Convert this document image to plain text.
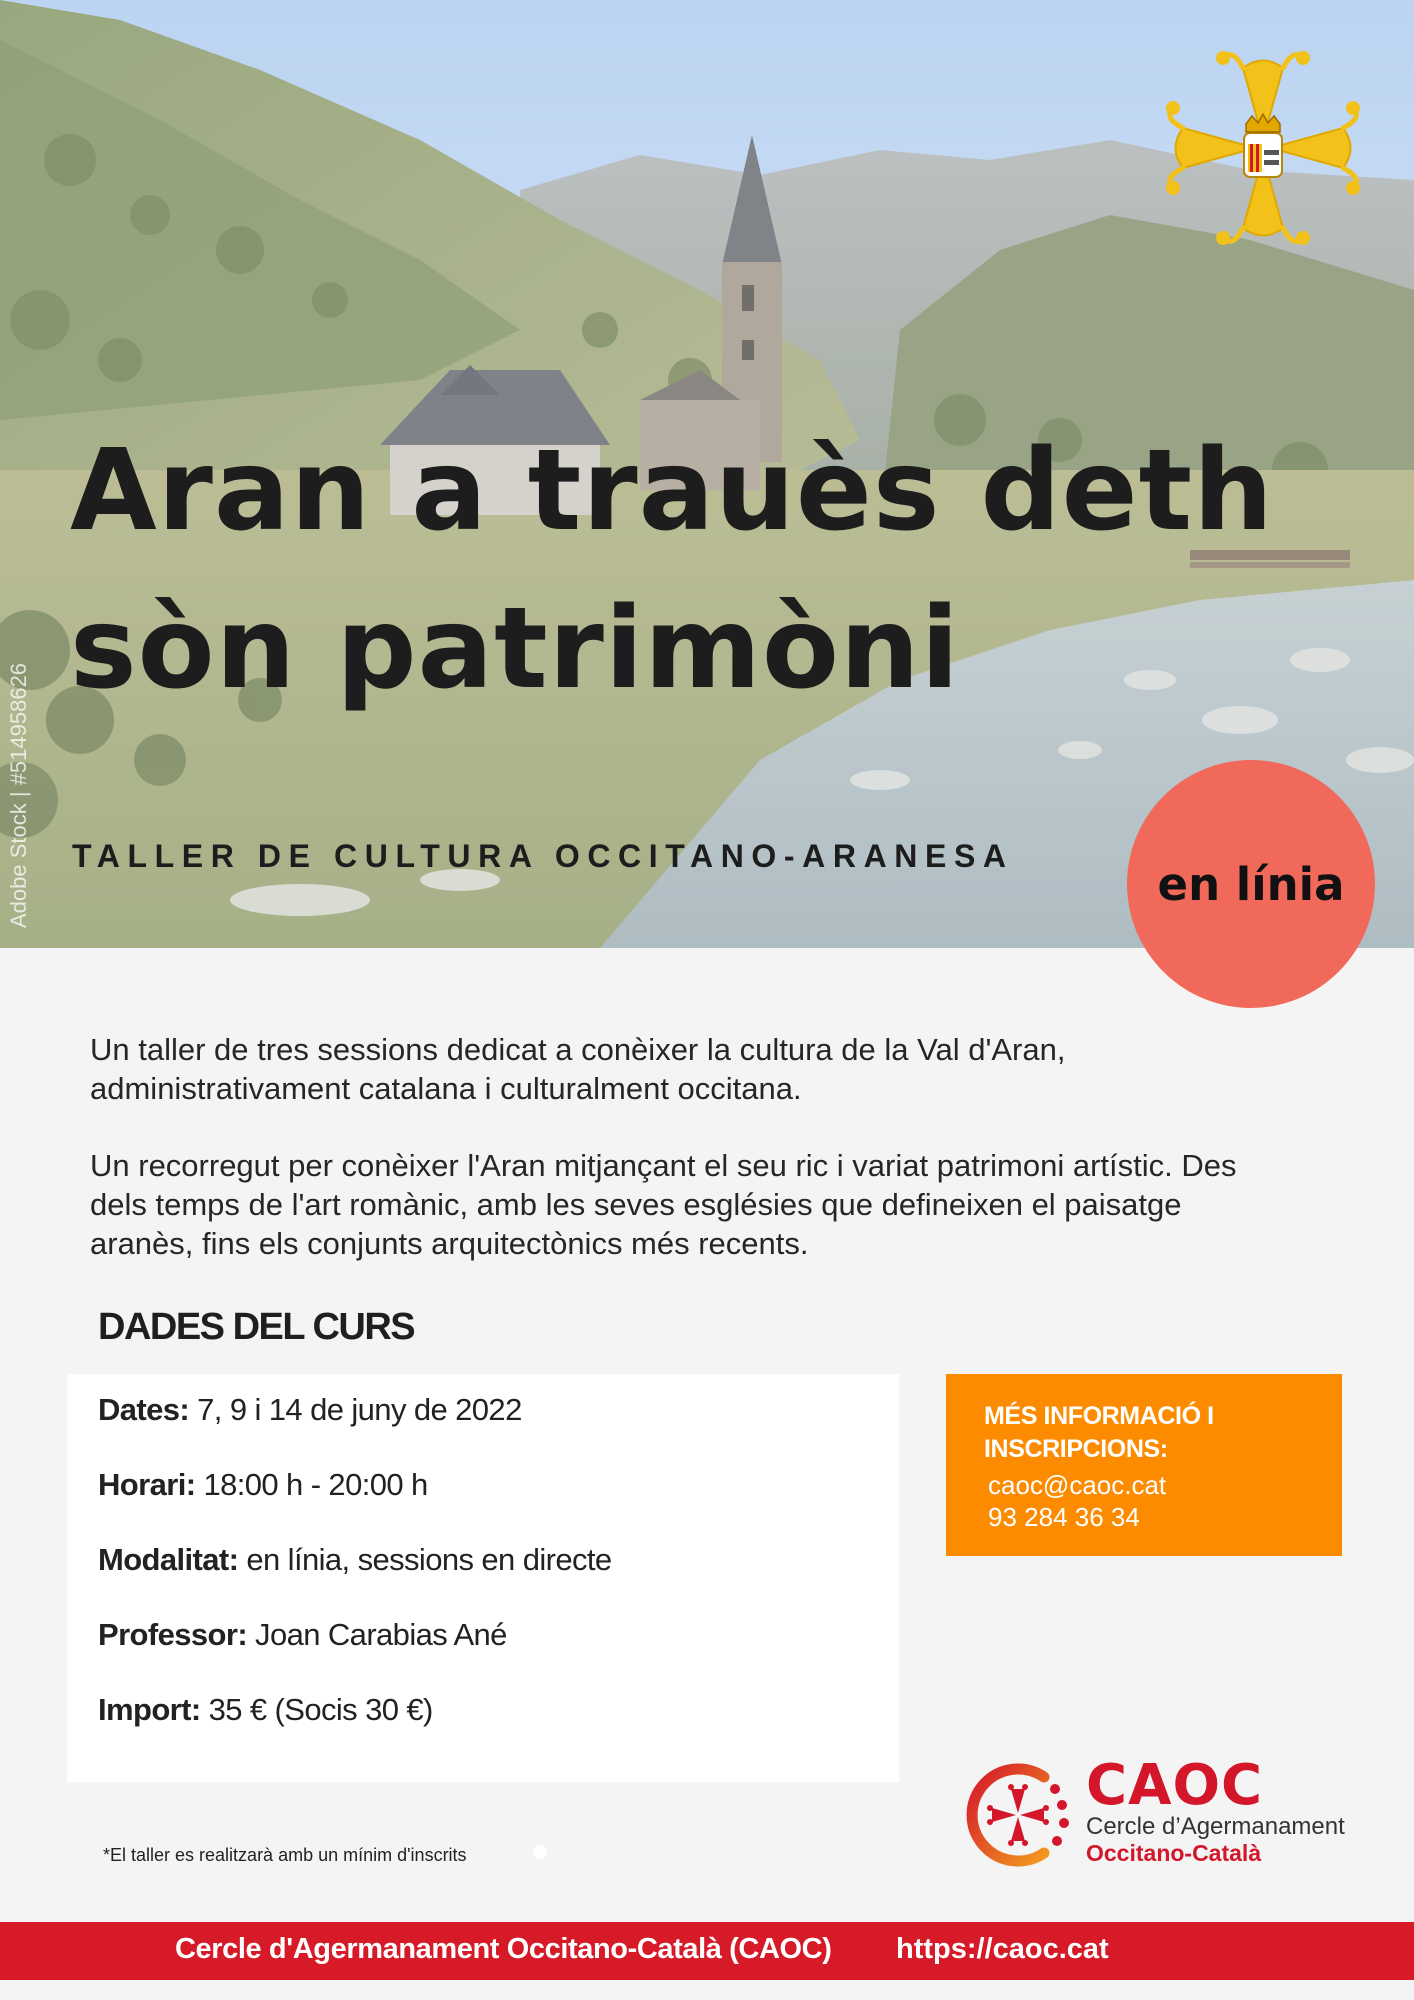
Aran a trauès deth
sòn patrimòni
TALLER DE CULTURA OCCITANO-ARANESA
Adobe Stock | #514958626	en línia
Un taller de tres sessions dedicat a conèixer la cultura de la Val d'Aran,
administrativament catalana i culturalment occitana.
Un recorregut per conèixer l'Aran mitjançant el seu ric i variat patrimoni artístic. Des
dels temps de l'art romànic, amb les seves esglésies que defineixen el paisatge
aranès, fins els conjunts arquitectònics més recents.
DADES DEL CURS
Dates: 7, 9 i 14 de juny de 2022
Horari: 18:00 h - 20:00 h
Modalitat: en línia, sessions en directe
Professor: Joan Carabias Ané
Import: 35 € (Socis 30 €)
MÉS INFORMACIÓ I
INSCRIPCIONS:
caoc@caoc.cat
93 284 36 34
*El taller es realitzarà amb un mínim d'inscrits
CAOC
Cercle d’Agermanament
Occitano-Català
Cercle d'Agermanament Occitano-Català (CAOC) https://caoc.cat
